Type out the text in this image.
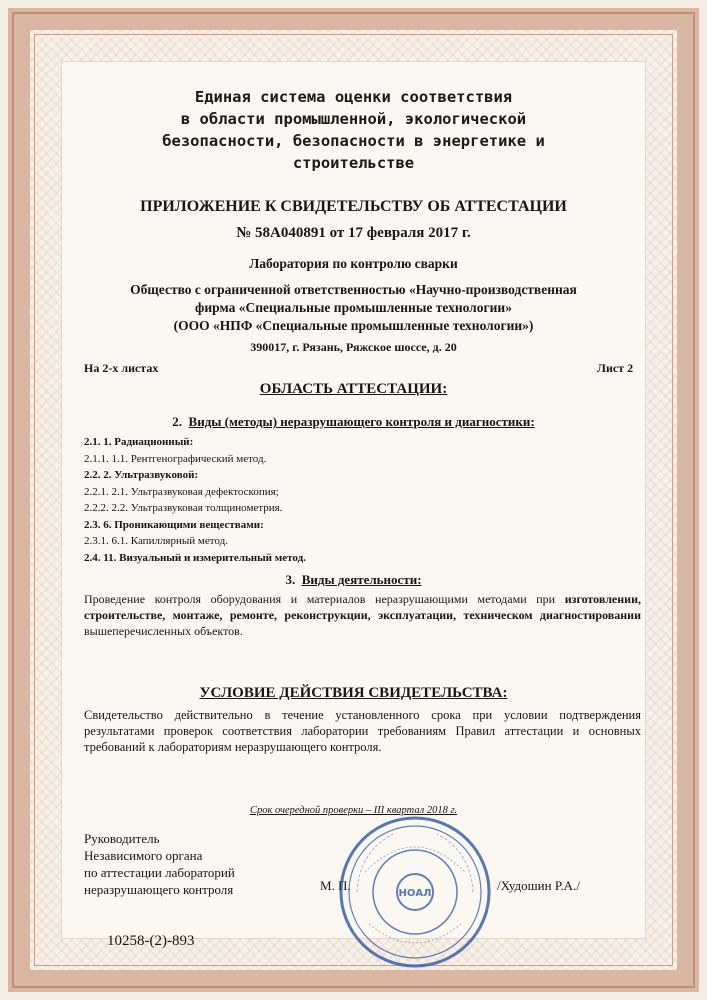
Единая система оценки соответствия
в области промышленной, экологической
безопасности, безопасности в энергетике и
строительстве
ПРИЛОЖЕНИЕ К СВИДЕТЕЛЬСТВУ ОБ АТТЕСТАЦИИ
№ 58А040891 от 17 февраля 2017 г.
Лаборатория по контролю сварки
Общество с ограниченной ответственностью «Научно-производственная
фирма «Специальные промышленные технологии»
(ООО «НПФ «Специальные промышленные технологии»)
390017, г. Рязань, Ряжское шоссе, д. 20
На 2-х листах	Лист 2
ОБЛАСТЬ АТТЕСТАЦИИ:
2. Виды (методы) неразрушающего контроля и диагностики:
2.1. 1. Радиационный:
2.1.1. 1.1. Рентгенографический метод.
2.2. 2. Ультразвуковой:
2.2.1. 2.1. Ультразвуковая дефектоскопия;
2.2.2. 2.2. Ультразвуковая толщинометрия.
2.3. 6. Проникающими веществами:
2.3.1. 6.1. Капиллярный метод.
2.4. 11. Визуальный и измерительный метод.
3. Виды деятельности:
Проведение контроля оборудования и материалов неразрушающими методами при изготовлении, строительстве, монтаже, ремонте, реконструкции, эксплуатации, техническом диагностировании вышеперечисленных объектов.
УСЛОВИЕ ДЕЙСТВИЯ СВИДЕТЕЛЬСТВА:
Свидетельство действительно в течение установленного срока при условии подтверждения результатами проверок соответствия лаборатории требованиям Правил аттестации и основных требований к лабораториям неразрушающего контроля.
Срок очередной проверки – III квартал 2018 г.
Руководитель
Независимого органа
по аттестации лабораторий
неразрушающего контроля	НОАЛ
М. П.	/Худошин Р.А./
10258-(2)-893
